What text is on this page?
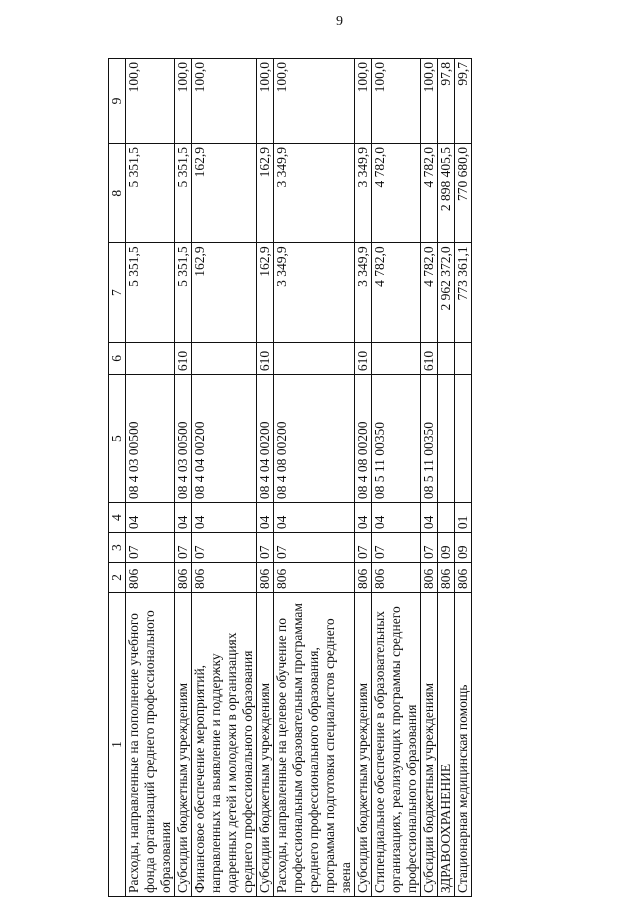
9
1	2	3	4	5	6	7	8	9
Расходы, направленные на пополнение учебного фонда организаций среднего профессионального образования	806	07	04	08 4 03 00500		5 351,5	5 351,5	100,0
Субсидии бюджетным учреждениям	806	07	04	08 4 03 00500	610	5 351,5	5 351,5	100,0
Финансовое обеспечение мероприятий, направленных на выявление и поддержку одаренных детей и молодежи в организациях среднего профессионального образования	806	07	04	08 4 04 00200		162,9	162,9	100,0
Субсидии бюджетным учреждениям	806	07	04	08 4 04 00200	610	162,9	162,9	100,0
Расходы, направленные на целевое обучение по профессиональным образовательным программам среднего профессионального образования, программам подготовки специалистов среднего звена	806	07	04	08 4 08 00200		3 349,9	3 349,9	100,0
Субсидии бюджетным учреждениям	806	07	04	08 4 08 00200	610	3 349,9	3 349,9	100,0
Стипендиальное обеспечение в образовательных организациях, реализующих программы среднего профессионального образования	806	07	04	08 5 11 00350		4 782,0	4 782,0	100,0
Субсидии бюджетным учреждениям	806	07	04	08 5 11 00350	610	4 782,0	4 782,0	100,0
ЗДРАВООХРАНЕНИЕ	806	09				2 962 372,0	2 898 405,5	97,8
Стационарная медицинская помощь	806	09	01			773 361,1	770 680,0	99,7
